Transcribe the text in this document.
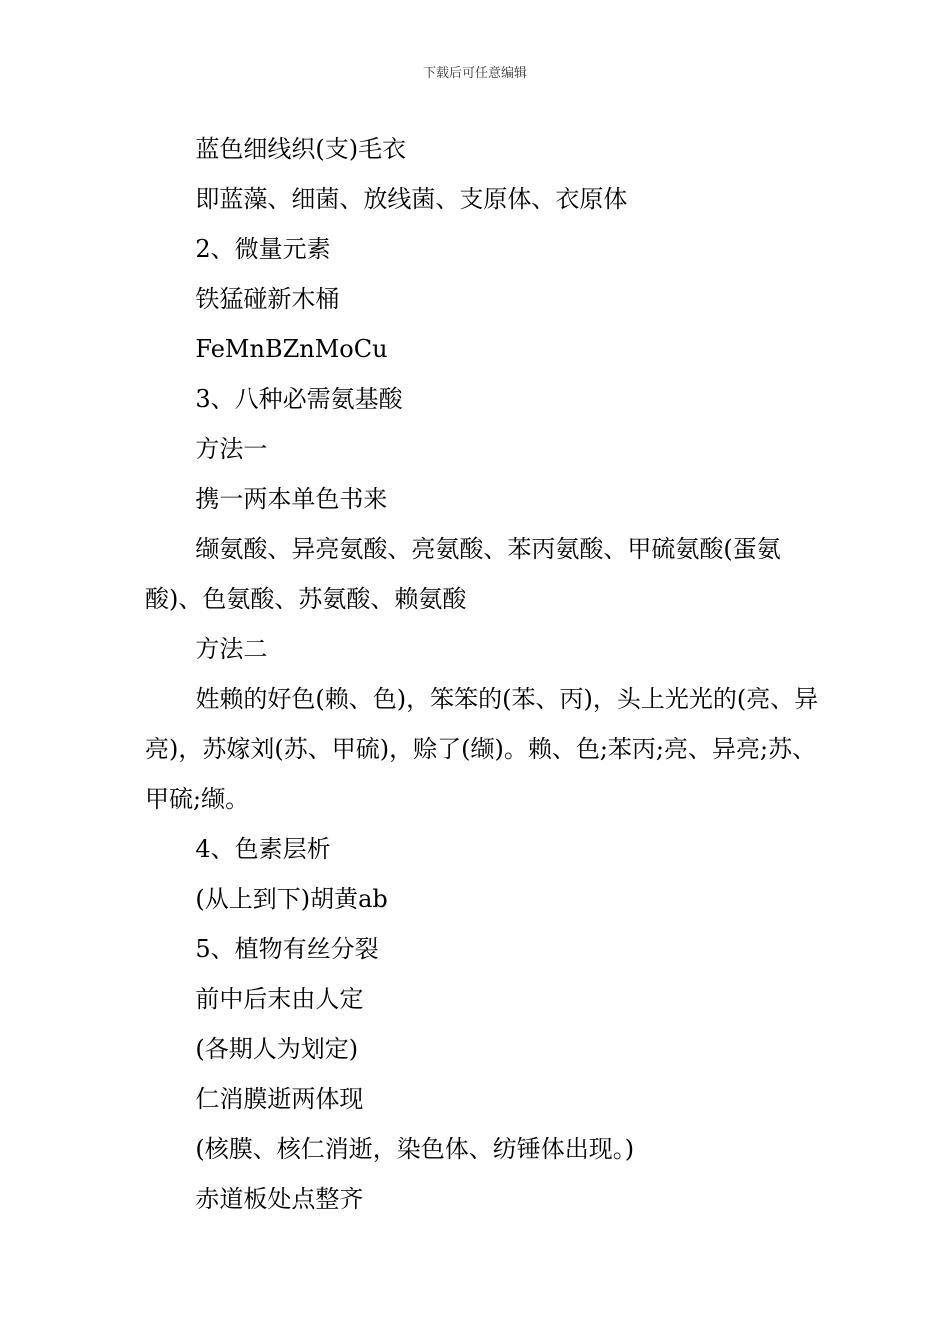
下载后可任意编辑

蓝色细线织(支)毛衣

即蓝藻、细菌、放线菌、支原体、衣原体

2、微量元素

铁猛碰新木桶

FeMnBZnMoCu

3、八种必需氨基酸

方法一

携一两本单色书来

缬氨酸、异亮氨酸、亮氨酸、苯丙氨酸、甲硫氨酸(蛋氨酸)、色氨酸、苏氨酸、赖氨酸

方法二

姓赖的好色(赖、色)，笨笨的(苯、丙)，头上光光的(亮、异亮)，苏嫁刘(苏、甲硫)，赊了(缬)。赖、色;苯丙;亮、异亮;苏、甲硫;缬。

4、色素层析

(从上到下)胡黄ab

5、植物有丝分裂

前中后末由人定

(各期人为划定)

仁消膜逝两体现

(核膜、核仁消逝，染色体、纺锤体出现。)

赤道板处点整齐
